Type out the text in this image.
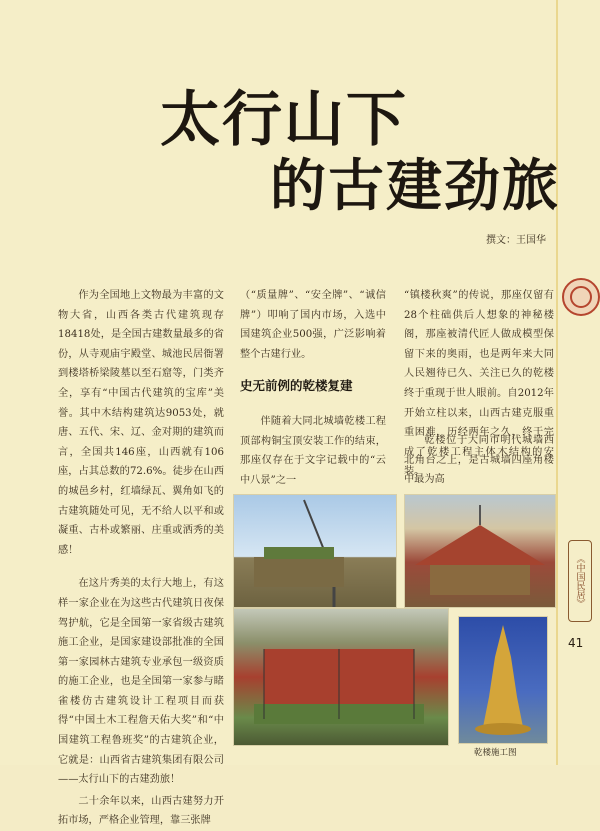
太行山下
的古建劲旅
撰文：王国华

作为全国地上文物最为丰富的文物大省，山西各类古代建筑现存18418处，是全国古建数量最多的省份，从寺观庙宇殿堂、城池民居衙署到楼塔桥梁陵墓以至石窟等，门类齐全，享有“中国古代建筑的宝库”美誉。其中木结构建筑达9053处，就唐、五代、宋、辽、金对期的建筑而言，全国共146座，山西就有106座，占其总数的72.6%。徒步在山西的城邑乡村，红墙绿瓦、翼角如飞的古建筑随处可见，无不给人以平和或凝重、古朴或繁丽、庄重或洒秀的美感！

在这片秀美的太行大地上，有这样一家企业在为这些古代建筑日夜保驾护航，它是全国第一家省级古建筑施工企业，是国家建设部批准的全国第一家园林古建筑专业承包一级资质的施工企业，也是全国第一家参与睹雀楼仿古建筑设计工程项目而获得“中国土木工程詹天佑大奖”和“中国建筑工程鲁班奖”的古建筑企业，它就是：山西省古建筑集团有限公司——太行山下的古建劲旅！

二十余年以来，山西古建努力开拓市场，严格企业管理，靠三张牌

（“质量牌”、“安全牌”、“诚信牌”）叩响了国内市场，入选中国建筑企业500强，广泛影响着整个古建行业。

史无前例的乾楼复建

伴随着大同北城墙乾楼工程顶部构铜宝顶安装工作的结束，那座仅存在于文字记载中的“云中八景”之一

“镇楼秋爽”的传说，那座仅留有28个柱础供后人想象的神秘楼阁，那座被清代匠人做成模型保留下来的奥雨，也是两年来大同人民翘待已久、关注已久的乾楼终于重现于世人眼前。自2012年开始立柱以来，山西古建克服重重困难，历经两年之久，终于完成了乾楼工程主体木结构的安装。

乾楼位于大同市明代城墙西北角台之上，是古城墙四座角楼中最为高

乾楼施工图
《中国民居》
41
